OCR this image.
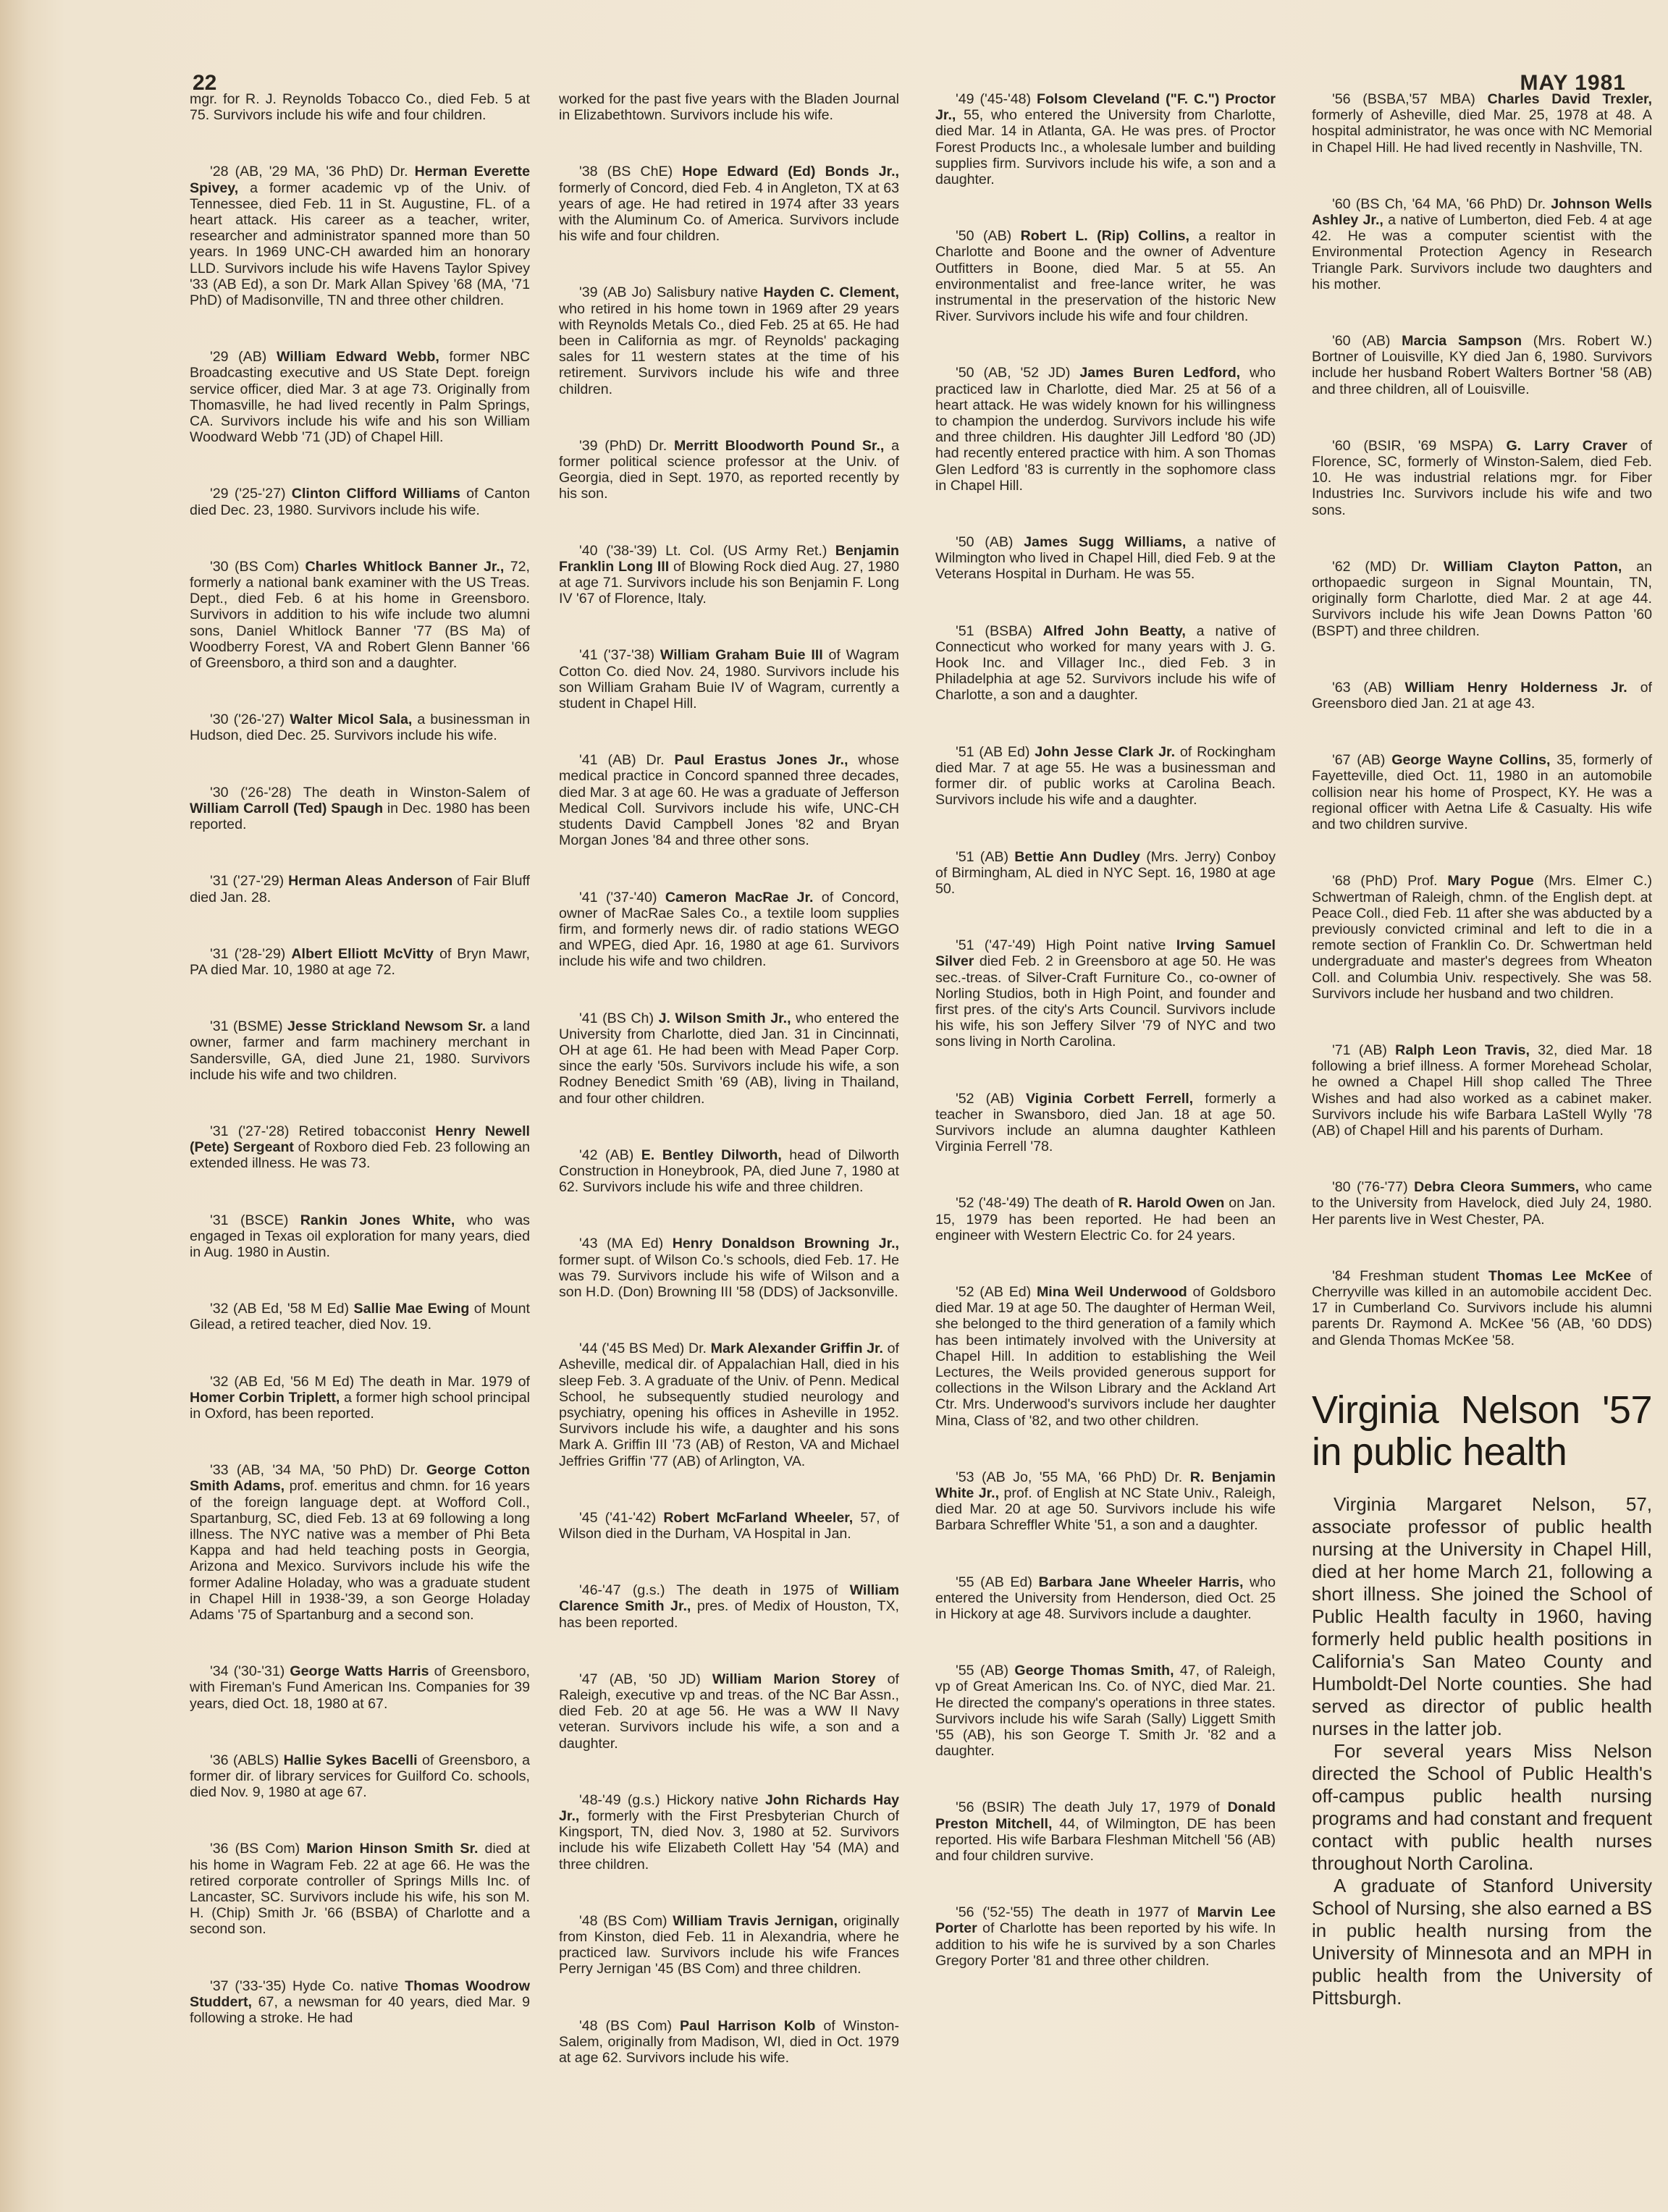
22	MAY 1981

mgr. for R. J. Reynolds Tobacco Co., died Feb. 5 at 75. Survivors include his wife and four children.

'28 (AB, '29 MA, '36 PhD) Dr. Herman Everette Spivey, a former academic vp of the Univ. of Tennessee, died Feb. 11 in St. Augustine, FL. of a heart attack. His career as a teacher, writer, researcher and administrator spanned more than 50 years. In 1969 UNC-CH awarded him an honorary LLD. Survivors include his wife Havens Taylor Spivey '33 (AB Ed), a son Dr. Mark Allan Spivey '68 (MA, '71 PhD) of Madisonville, TN and three other children.

'29 (AB) William Edward Webb, former NBC Broadcasting executive and US State Dept. foreign service officer, died Mar. 3 at age 73. Originally from Thomasville, he had lived recently in Palm Springs, CA. Survivors include his wife and his son William Woodward Webb '71 (JD) of Chapel Hill.

'29 ('25-'27) Clinton Clifford Williams of Canton died Dec. 23, 1980. Survivors include his wife.

'30 (BS Com) Charles Whitlock Banner Jr., 72, formerly a national bank examiner with the US Treas. Dept., died Feb. 6 at his home in Greensboro. Survivors in addition to his wife include two alumni sons, Daniel Whitlock Banner '77 (BS Ma) of Woodberry Forest, VA and Robert Glenn Banner '66 of Greensboro, a third son and a daughter.

'30 ('26-'27) Walter Micol Sala, a businessman in Hudson, died Dec. 25. Survivors include his wife.

'30 ('26-'28) The death in Winston-Salem of William Carroll (Ted) Spaugh in Dec. 1980 has been reported.

'31 ('27-'29) Herman Aleas Anderson of Fair Bluff died Jan. 28.

'31 ('28-'29) Albert Elliott McVitty of Bryn Mawr, PA died Mar. 10, 1980 at age 72.

'31 (BSME) Jesse Strickland Newsom Sr. a land owner, farmer and farm machinery merchant in Sandersville, GA, died June 21, 1980. Survivors include his wife and two children.

'31 ('27-'28) Retired tobacconist Henry Newell (Pete) Sergeant of Roxboro died Feb. 23 following an extended illness. He was 73.

'31 (BSCE) Rankin Jones White, who was engaged in Texas oil exploration for many years, died in Aug. 1980 in Austin.

'32 (AB Ed, '58 M Ed) Sallie Mae Ewing of Mount Gilead, a retired teacher, died Nov. 19.

'32 (AB Ed, '56 M Ed) The death in Mar. 1979 of Homer Corbin Triplett, a former high school principal in Oxford, has been reported.

'33 (AB, '34 MA, '50 PhD) Dr. George Cotton Smith Adams, prof. emeritus and chmn. for 16 years of the foreign language dept. at Wofford Coll., Spartanburg, SC, died Feb. 13 at 69 following a long illness. The NYC native was a member of Phi Beta Kappa and had held teaching posts in Georgia, Arizona and Mexico. Survivors include his wife the former Adaline Holaday, who was a graduate student in Chapel Hill in 1938-'39, a son George Holaday Adams '75 of Spartanburg and a second son.

'34 ('30-'31) George Watts Harris of Greensboro, with Fireman's Fund American Ins. Companies for 39 years, died Oct. 18, 1980 at 67.

'36 (ABLS) Hallie Sykes Bacelli of Greensboro, a former dir. of library services for Guilford Co. schools, died Nov. 9, 1980 at age 67.

'36 (BS Com) Marion Hinson Smith Sr. died at his home in Wagram Feb. 22 at age 66. He was the retired corporate controller of Springs Mills Inc. of Lancaster, SC. Survivors include his wife, his son M. H. (Chip) Smith Jr. '66 (BSBA) of Charlotte and a second son.

'37 ('33-'35) Hyde Co. native Thomas Woodrow Studdert, 67, a newsman for 40 years, died Mar. 9 following a stroke. He had

worked for the past five years with the Bladen Journal in Elizabethtown. Survivors include his wife.

'38 (BS ChE) Hope Edward (Ed) Bonds Jr., formerly of Concord, died Feb. 4 in Angleton, TX at 63 years of age. He had retired in 1974 after 33 years with the Aluminum Co. of America. Survivors include his wife and four children.

'39 (AB Jo) Salisbury native Hayden C. Clement, who retired in his home town in 1969 after 29 years with Reynolds Metals Co., died Feb. 25 at 65. He had been in California as mgr. of Reynolds' packaging sales for 11 western states at the time of his retirement. Survivors include his wife and three children.

'39 (PhD) Dr. Merritt Bloodworth Pound Sr., a former political science professor at the Univ. of Georgia, died in Sept. 1970, as reported recently by his son.

'40 ('38-'39) Lt. Col. (US Army Ret.) Benjamin Franklin Long III of Blowing Rock died Aug. 27, 1980 at age 71. Survivors include his son Benjamin F. Long IV '67 of Florence, Italy.

'41 ('37-'38) William Graham Buie III of Wagram Cotton Co. died Nov. 24, 1980. Survivors include his son William Graham Buie IV of Wagram, currently a student in Chapel Hill.

'41 (AB) Dr. Paul Erastus Jones Jr., whose medical practice in Concord spanned three decades, died Mar. 3 at age 60. He was a graduate of Jefferson Medical Coll. Survivors include his wife, UNC-CH students David Campbell Jones '82 and Bryan Morgan Jones '84 and three other sons.

'41 ('37-'40) Cameron MacRae Jr. of Concord, owner of MacRae Sales Co., a textile loom supplies firm, and formerly news dir. of radio stations WEGO and WPEG, died Apr. 16, 1980 at age 61. Survivors include his wife and two children.

'41 (BS Ch) J. Wilson Smith Jr., who entered the University from Charlotte, died Jan. 31 in Cincinnati, OH at age 61. He had been with Mead Paper Corp. since the early '50s. Survivors include his wife, a son Rodney Benedict Smith '69 (AB), living in Thailand, and four other children.

'42 (AB) E. Bentley Dilworth, head of Dilworth Construction in Honeybrook, PA, died June 7, 1980 at 62. Survivors include his wife and three children.

'43 (MA Ed) Henry Donaldson Browning Jr., former supt. of Wilson Co.'s schools, died Feb. 17. He was 79. Survivors include his wife of Wilson and a son H.D. (Don) Browning III '58 (DDS) of Jacksonville.

'44 ('45 BS Med) Dr. Mark Alexander Griffin Jr. of Asheville, medical dir. of Appalachian Hall, died in his sleep Feb. 3. A graduate of the Univ. of Penn. Medical School, he subsequently studied neurology and psychiatry, opening his offices in Asheville in 1952. Survivors include his wife, a daughter and his sons Mark A. Griffin III '73 (AB) of Reston, VA and Michael Jeffries Griffin '77 (AB) of Arlington, VA.

'45 ('41-'42) Robert McFarland Wheeler, 57, of Wilson died in the Durham, VA Hospital in Jan.

'46-'47 (g.s.) The death in 1975 of William Clarence Smith Jr., pres. of Medix of Houston, TX, has been reported.

'47 (AB, '50 JD) William Marion Storey of Raleigh, executive vp and treas. of the NC Bar Assn., died Feb. 20 at age 56. He was a WW II Navy veteran. Survivors include his wife, a son and a daughter.

'48-'49 (g.s.) Hickory native John Richards Hay Jr., formerly with the First Presbyterian Church of Kingsport, TN, died Nov. 3, 1980 at 52. Survivors include his wife Elizabeth Collett Hay '54 (MA) and three children.

'48 (BS Com) William Travis Jernigan, originally from Kinston, died Feb. 11 in Alexandria, where he practiced law. Survivors include his wife Frances Perry Jernigan '45 (BS Com) and three children.

'48 (BS Com) Paul Harrison Kolb of Winston-Salem, originally from Madison, WI, died in Oct. 1979 at age 62. Survivors include his wife.

'49 ('45-'48) Folsom Cleveland ("F. C.") Proctor Jr., 55, who entered the University from Charlotte, died Mar. 14 in Atlanta, GA. He was pres. of Proctor Forest Products Inc., a wholesale lumber and building supplies firm. Survivors include his wife, a son and a daughter.

'50 (AB) Robert L. (Rip) Collins, a realtor in Charlotte and Boone and the owner of Adventure Outfitters in Boone, died Mar. 5 at 55. An environmentalist and free-lance writer, he was instrumental in the preservation of the historic New River. Survivors include his wife and four children.

'50 (AB, '52 JD) James Buren Ledford, who practiced law in Charlotte, died Mar. 25 at 56 of a heart attack. He was widely known for his willingness to champion the underdog. Survivors include his wife and three children. His daughter Jill Ledford '80 (JD) had recently entered practice with him. A son Thomas Glen Ledford '83 is currently in the sophomore class in Chapel Hill.

'50 (AB) James Sugg Williams, a native of Wilmington who lived in Chapel Hill, died Feb. 9 at the Veterans Hospital in Durham. He was 55.

'51 (BSBA) Alfred John Beatty, a native of Connecticut who worked for many years with J. G. Hook Inc. and Villager Inc., died Feb. 3 in Philadelphia at age 52. Survivors include his wife of Charlotte, a son and a daughter.

'51 (AB Ed) John Jesse Clark Jr. of Rockingham died Mar. 7 at age 55. He was a businessman and former dir. of public works at Carolina Beach. Survivors include his wife and a daughter.

'51 (AB) Bettie Ann Dudley (Mrs. Jerry) Conboy of Birmingham, AL died in NYC Sept. 16, 1980 at age 50.

'51 ('47-'49) High Point native Irving Samuel Silver died Feb. 2 in Greensboro at age 50. He was sec.-treas. of Silver-Craft Furniture Co., co-owner of Norling Studios, both in High Point, and founder and first pres. of the city's Arts Council. Survivors include his wife, his son Jeffery Silver '79 of NYC and two sons living in North Carolina.

'52 (AB) Viginia Corbett Ferrell, formerly a teacher in Swansboro, died Jan. 18 at age 50. Survivors include an alumna daughter Kathleen Virginia Ferrell '78.

'52 ('48-'49) The death of R. Harold Owen on Jan. 15, 1979 has been reported. He had been an engineer with Western Electric Co. for 24 years.

'52 (AB Ed) Mina Weil Underwood of Goldsboro died Mar. 19 at age 50. The daughter of Herman Weil, she belonged to the third generation of a family which has been intimately involved with the University at Chapel Hill. In addition to establishing the Weil Lectures, the Weils provided generous support for collections in the Wilson Library and the Ackland Art Ctr. Mrs. Underwood's survivors include her daughter Mina, Class of '82, and two other children.

'53 (AB Jo, '55 MA, '66 PhD) Dr. R. Benjamin White Jr., prof. of English at NC State Univ., Raleigh, died Mar. 20 at age 50. Survivors include his wife Barbara Schreffler White '51, a son and a daughter.

'55 (AB Ed) Barbara Jane Wheeler Harris, who entered the University from Henderson, died Oct. 25 in Hickory at age 48. Survivors include a daughter.

'55 (AB) George Thomas Smith, 47, of Raleigh, vp of Great American Ins. Co. of NYC, died Mar. 21. He directed the company's operations in three states. Survivors include his wife Sarah (Sally) Liggett Smith '55 (AB), his son George T. Smith Jr. '82 and a daughter.

'56 (BSIR) The death July 17, 1979 of Donald Preston Mitchell, 44, of Wilmington, DE has been reported. His wife Barbara Fleshman Mitchell '56 (AB) and four children survive.

'56 ('52-'55) The death in 1977 of Marvin Lee Porter of Charlotte has been reported by his wife. In addition to his wife he is survived by a son Charles Gregory Porter '81 and three other children.

'56 (BSBA,'57 MBA) Charles David Trexler, formerly of Asheville, died Mar. 25, 1978 at 48. A hospital administrator, he was once with NC Memorial in Chapel Hill. He had lived recently in Nashville, TN.

'60 (BS Ch, '64 MA, '66 PhD) Dr. Johnson Wells Ashley Jr., a native of Lumberton, died Feb. 4 at age 42. He was a computer scientist with the Environmental Protection Agency in Research Triangle Park. Survivors include two daughters and his mother.

'60 (AB) Marcia Sampson (Mrs. Robert W.) Bortner of Louisville, KY died Jan 6, 1980. Survivors include her husband Robert Walters Bortner '58 (AB) and three children, all of Louisville.

'60 (BSIR, '69 MSPA) G. Larry Craver of Florence, SC, formerly of Winston-Salem, died Feb. 10. He was industrial relations mgr. for Fiber Industries Inc. Survivors include his wife and two sons.

'62 (MD) Dr. William Clayton Patton, an orthopaedic surgeon in Signal Mountain, TN, originally form Charlotte, died Mar. 2 at age 44. Survivors include his wife Jean Downs Patton '60 (BSPT) and three children.

'63 (AB) William Henry Holderness Jr. of Greensboro died Jan. 21 at age 43.

'67 (AB) George Wayne Collins, 35, formerly of Fayetteville, died Oct. 11, 1980 in an automobile collision near his home of Prospect, KY. He was a regional officer with Aetna Life & Casualty. His wife and two children survive.

'68 (PhD) Prof. Mary Pogue (Mrs. Elmer C.) Schwertman of Raleigh, chmn. of the English dept. at Peace Coll., died Feb. 11 after she was abducted by a previously convicted criminal and left to die in a remote section of Franklin Co. Dr. Schwertman held undergraduate and master's degrees from Wheaton Coll. and Columbia Univ. respectively. She was 58. Survivors include her husband and two children.

'71 (AB) Ralph Leon Travis, 32, died Mar. 18 following a brief illness. A former Morehead Scholar, he owned a Chapel Hill shop called The Three Wishes and had also worked as a cabinet maker. Survivors include his wife Barbara LaStell Wylly '78 (AB) of Chapel Hill and his parents of Durham.

'80 ('76-'77) Debra Cleora Summers, who came to the University from Havelock, died July 24, 1980. Her parents live in West Chester, PA.

'84 Freshman student Thomas Lee McKee of Cherryville was killed in an automobile accident Dec. 17 in Cumberland Co. Survivors include his alumni parents Dr. Raymond A. McKee '56 (AB, '60 DDS) and Glenda Thomas McKee '58.

Virginia Nelson '57 in public health

Virginia Margaret Nelson, 57, associate professor of public health nursing at the University in Chapel Hill, died at her home March 21, following a short illness. She joined the School of Public Health faculty in 1960, having formerly held public health positions in California's San Mateo County and Humboldt-Del Norte counties. She had served as director of public health nurses in the latter job.

For several years Miss Nelson directed the School of Public Health's off-campus public health nursing programs and had constant and frequent contact with public health nurses throughout North Carolina.

A graduate of Stanford University School of Nursing, she also earned a BS in public health nursing from the University of Minnesota and an MPH in public health from the University of Pittsburgh.
